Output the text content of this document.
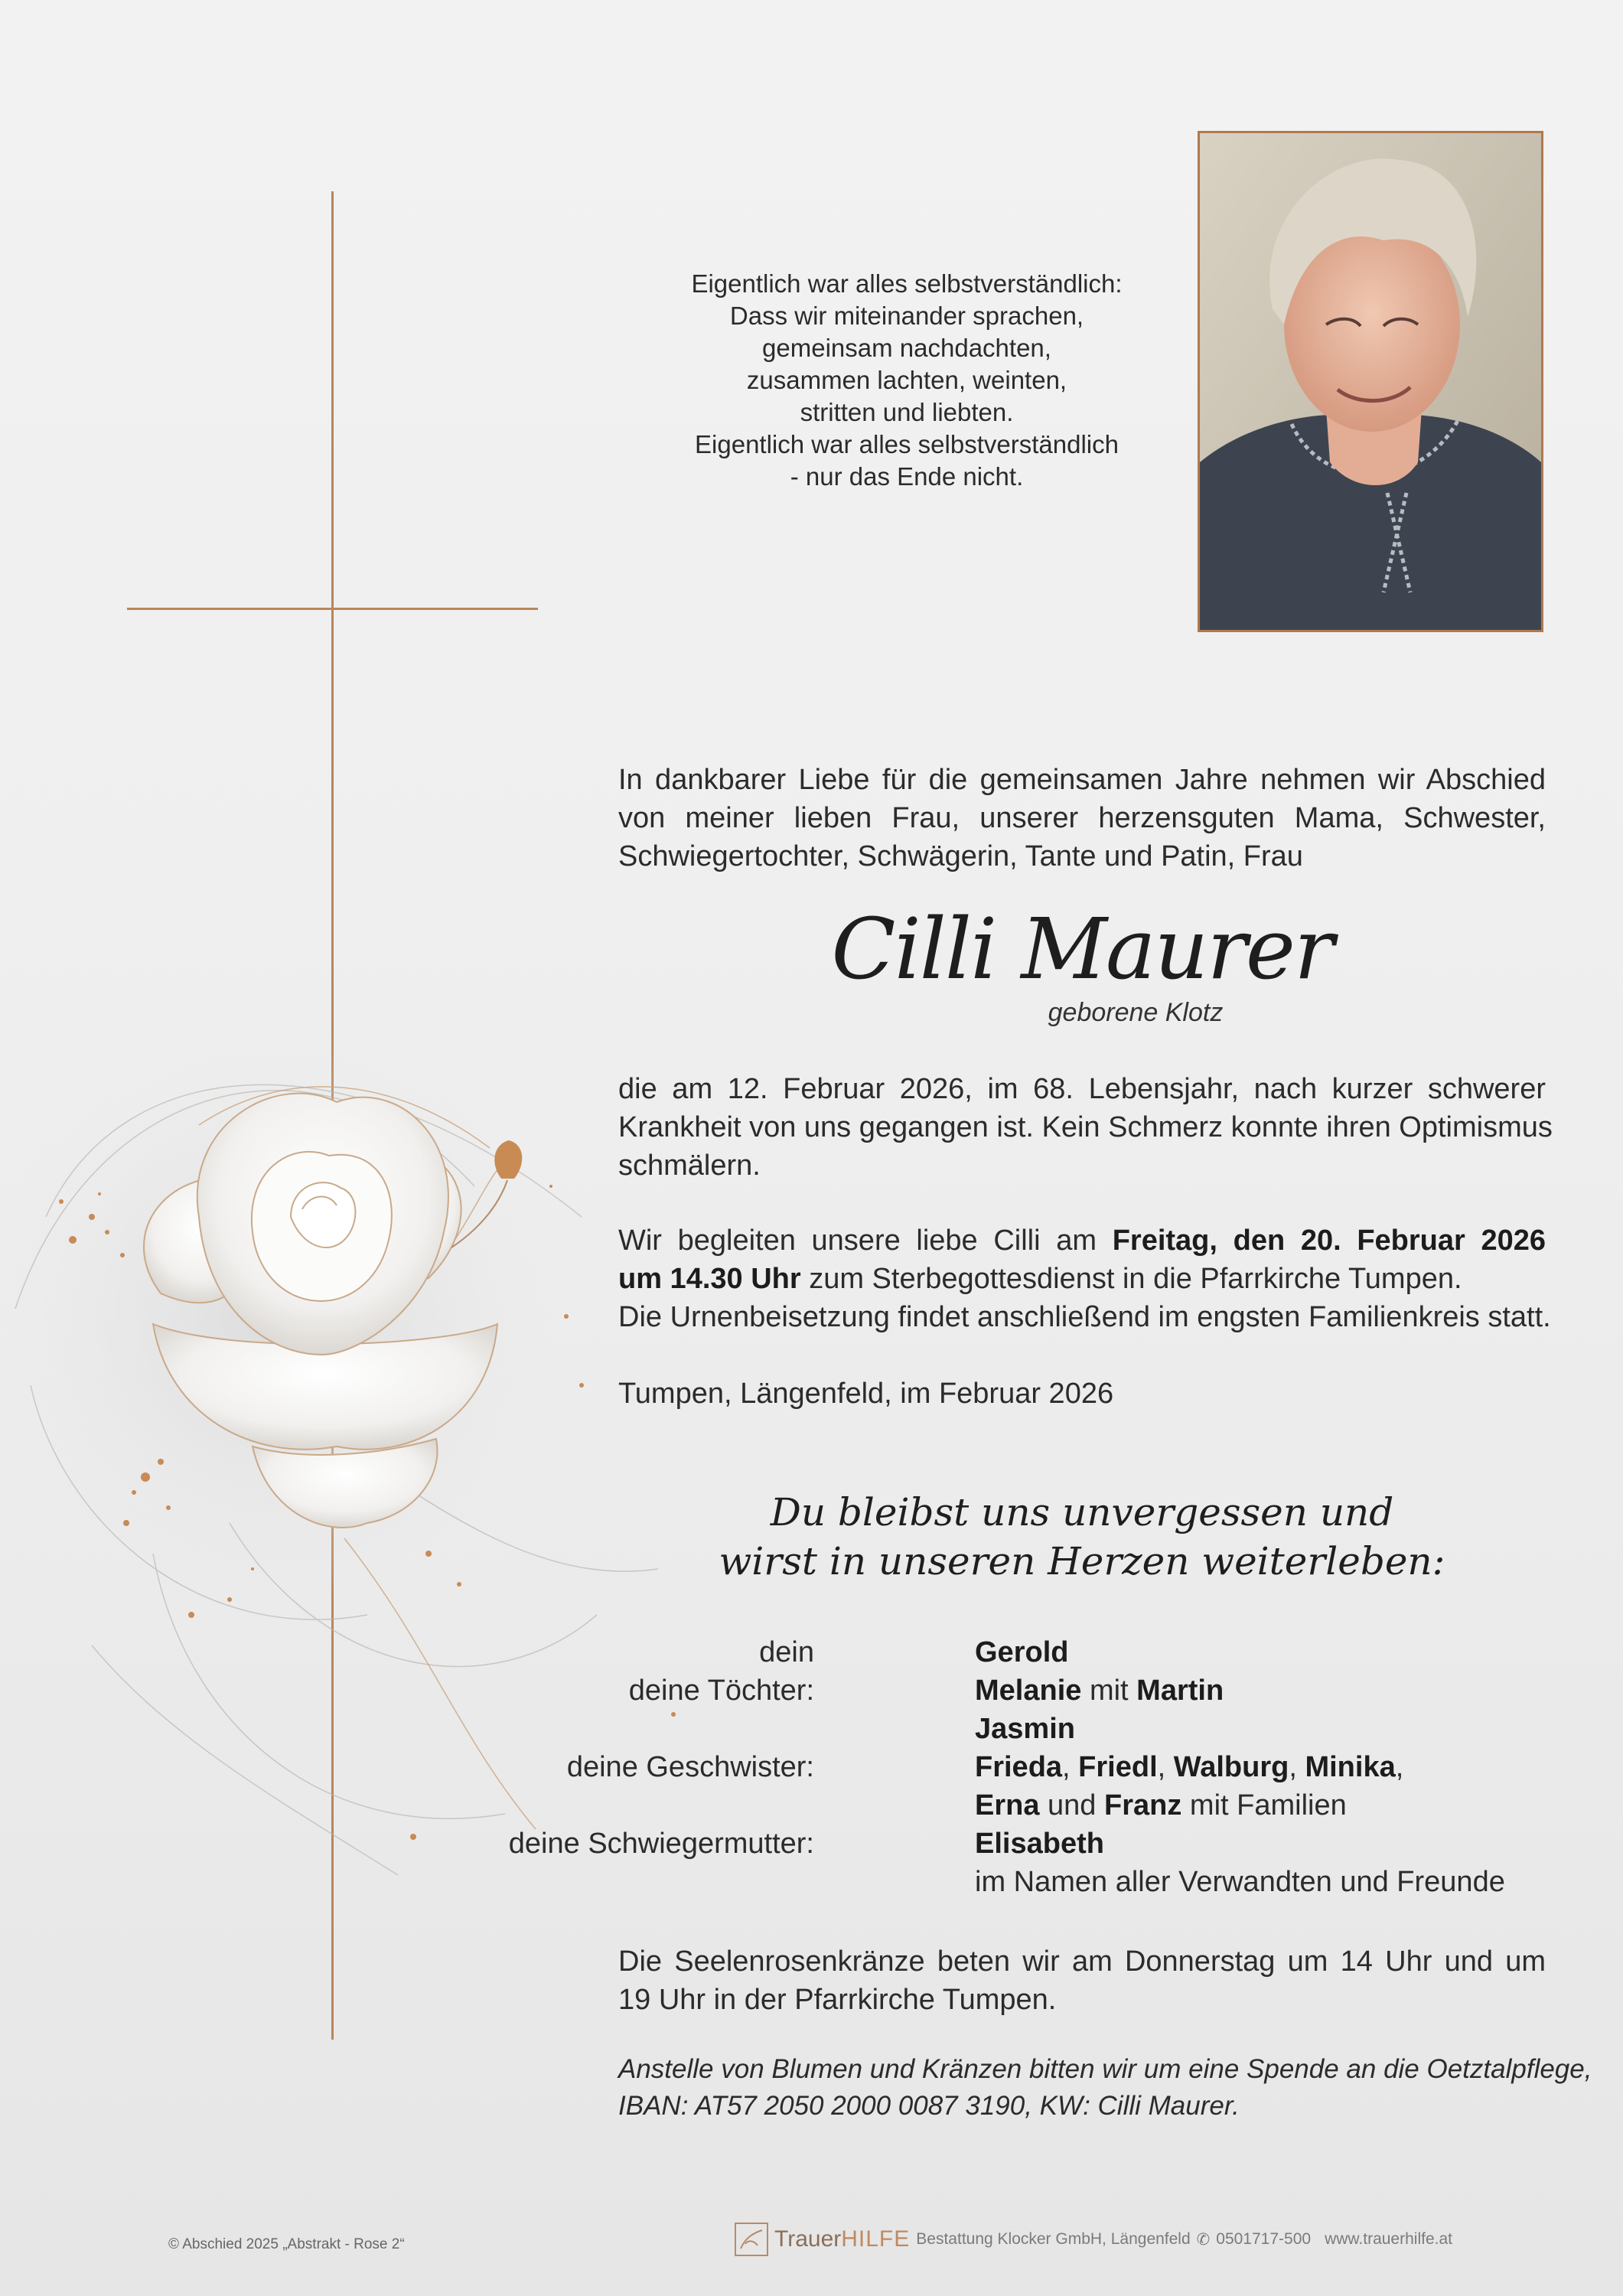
Eigentlich war alles selbstverständlich:
Dass wir miteinander sprachen,
gemeinsam nachdachten,
zusammen lachten, weinten,
stritten und liebten.
Eigentlich war alles selbstverständlich
- nur das Ende nicht.
In dankbarer Liebe für die gemeinsamen Jahre nehmen wir Abschied
von meiner lieben Frau, unserer herzensguten Mama, Schwester,
Schwiegertochter, Schwägerin, Tante und Patin, Frau
Cilli Maurer
geborene Klotz
die am 12. Februar 2026, im 68. Lebensjahr, nach kurzer schwerer
Krankheit von uns gegangen ist. Kein Schmerz konnte ihren Optimismus
schmälern.
Wir begleiten unsere liebe Cilli am Freitag, den 20. Februar 2026
um 14.30 Uhr zum Sterbegottesdienst in die Pfarrkirche Tumpen.
Die Urnenbeisetzung findet anschließend im engsten Familienkreis statt.
Tumpen, Längenfeld, im Februar 2026
Du bleibst uns unvergessen und
wirst in unseren Herzen weiterleben:
dein	Gerold
deine Töchter:	Melanie mit Martin
Jasmin
deine Geschwister:	Frieda, Friedl, Walburg, Minika,
Erna und Franz mit Familien
deine Schwiegermutter:	Elisabeth
im Namen aller Verwandten und Freunde
Die Seelenrosenkränze beten wir am Donnerstag um 14 Uhr und um
19 Uhr in der Pfarrkirche Tumpen.
Anstelle von Blumen und Kränzen bitten wir um eine Spende an die Oetztalpflege,
IBAN: AT57 2050 2000 0087 3190, KW: Cilli Maurer.
© Abschied 2025 „Abstrakt - Rose 2“	TrauerHILFE Bestattung Klocker GmbH, Längenfeld ✆ 0501717-500 www.trauerhilfe.at
